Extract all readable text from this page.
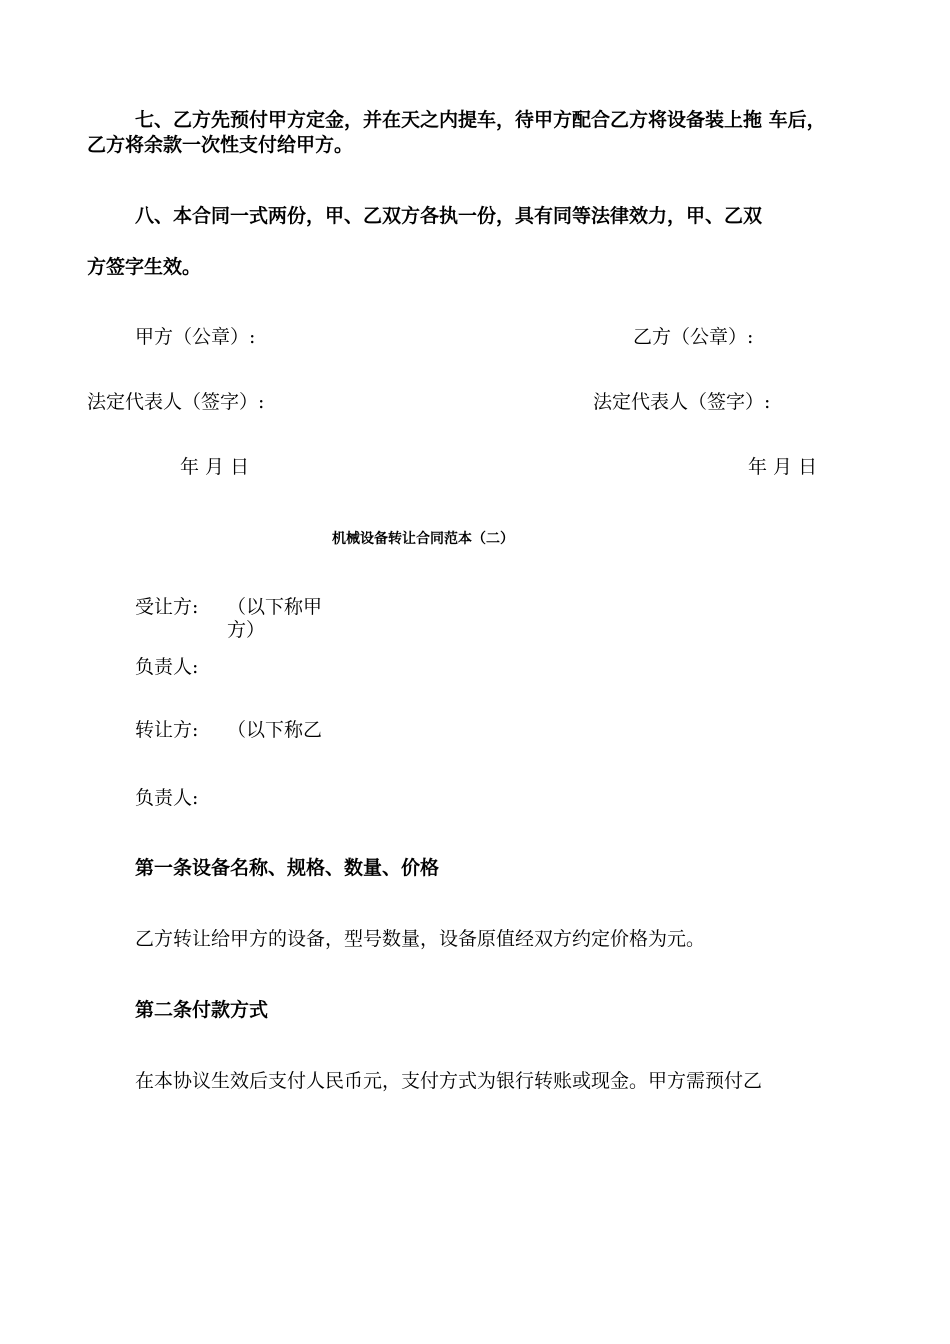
七、乙方先预付甲方定金，并在天之内提车，待甲方配合乙方将设备装上拖 车后，
乙方将余款一次性支付给甲方。
八、本合同一式两份，甲、乙双方各执一份，具有同等法律效力，甲、乙双
方签字生效。
甲方（公章）:	乙方（公章）:
法定代表人（签字）:	法定代表人（签字）:
年 月 日	年 月 日
机械设备转让合同范本（二）
受让方: （以下称甲
方）
负责人:
转让方: （以下称乙
负责人:
第一条设备名称、规格、数量、价格
乙方转让给甲方的设备，型号数量，设备原值经双方约定价格为元。
第二条付款方式
在本协议生效后支付人民币元，支付方式为银行转账或现金。甲方需预付乙
